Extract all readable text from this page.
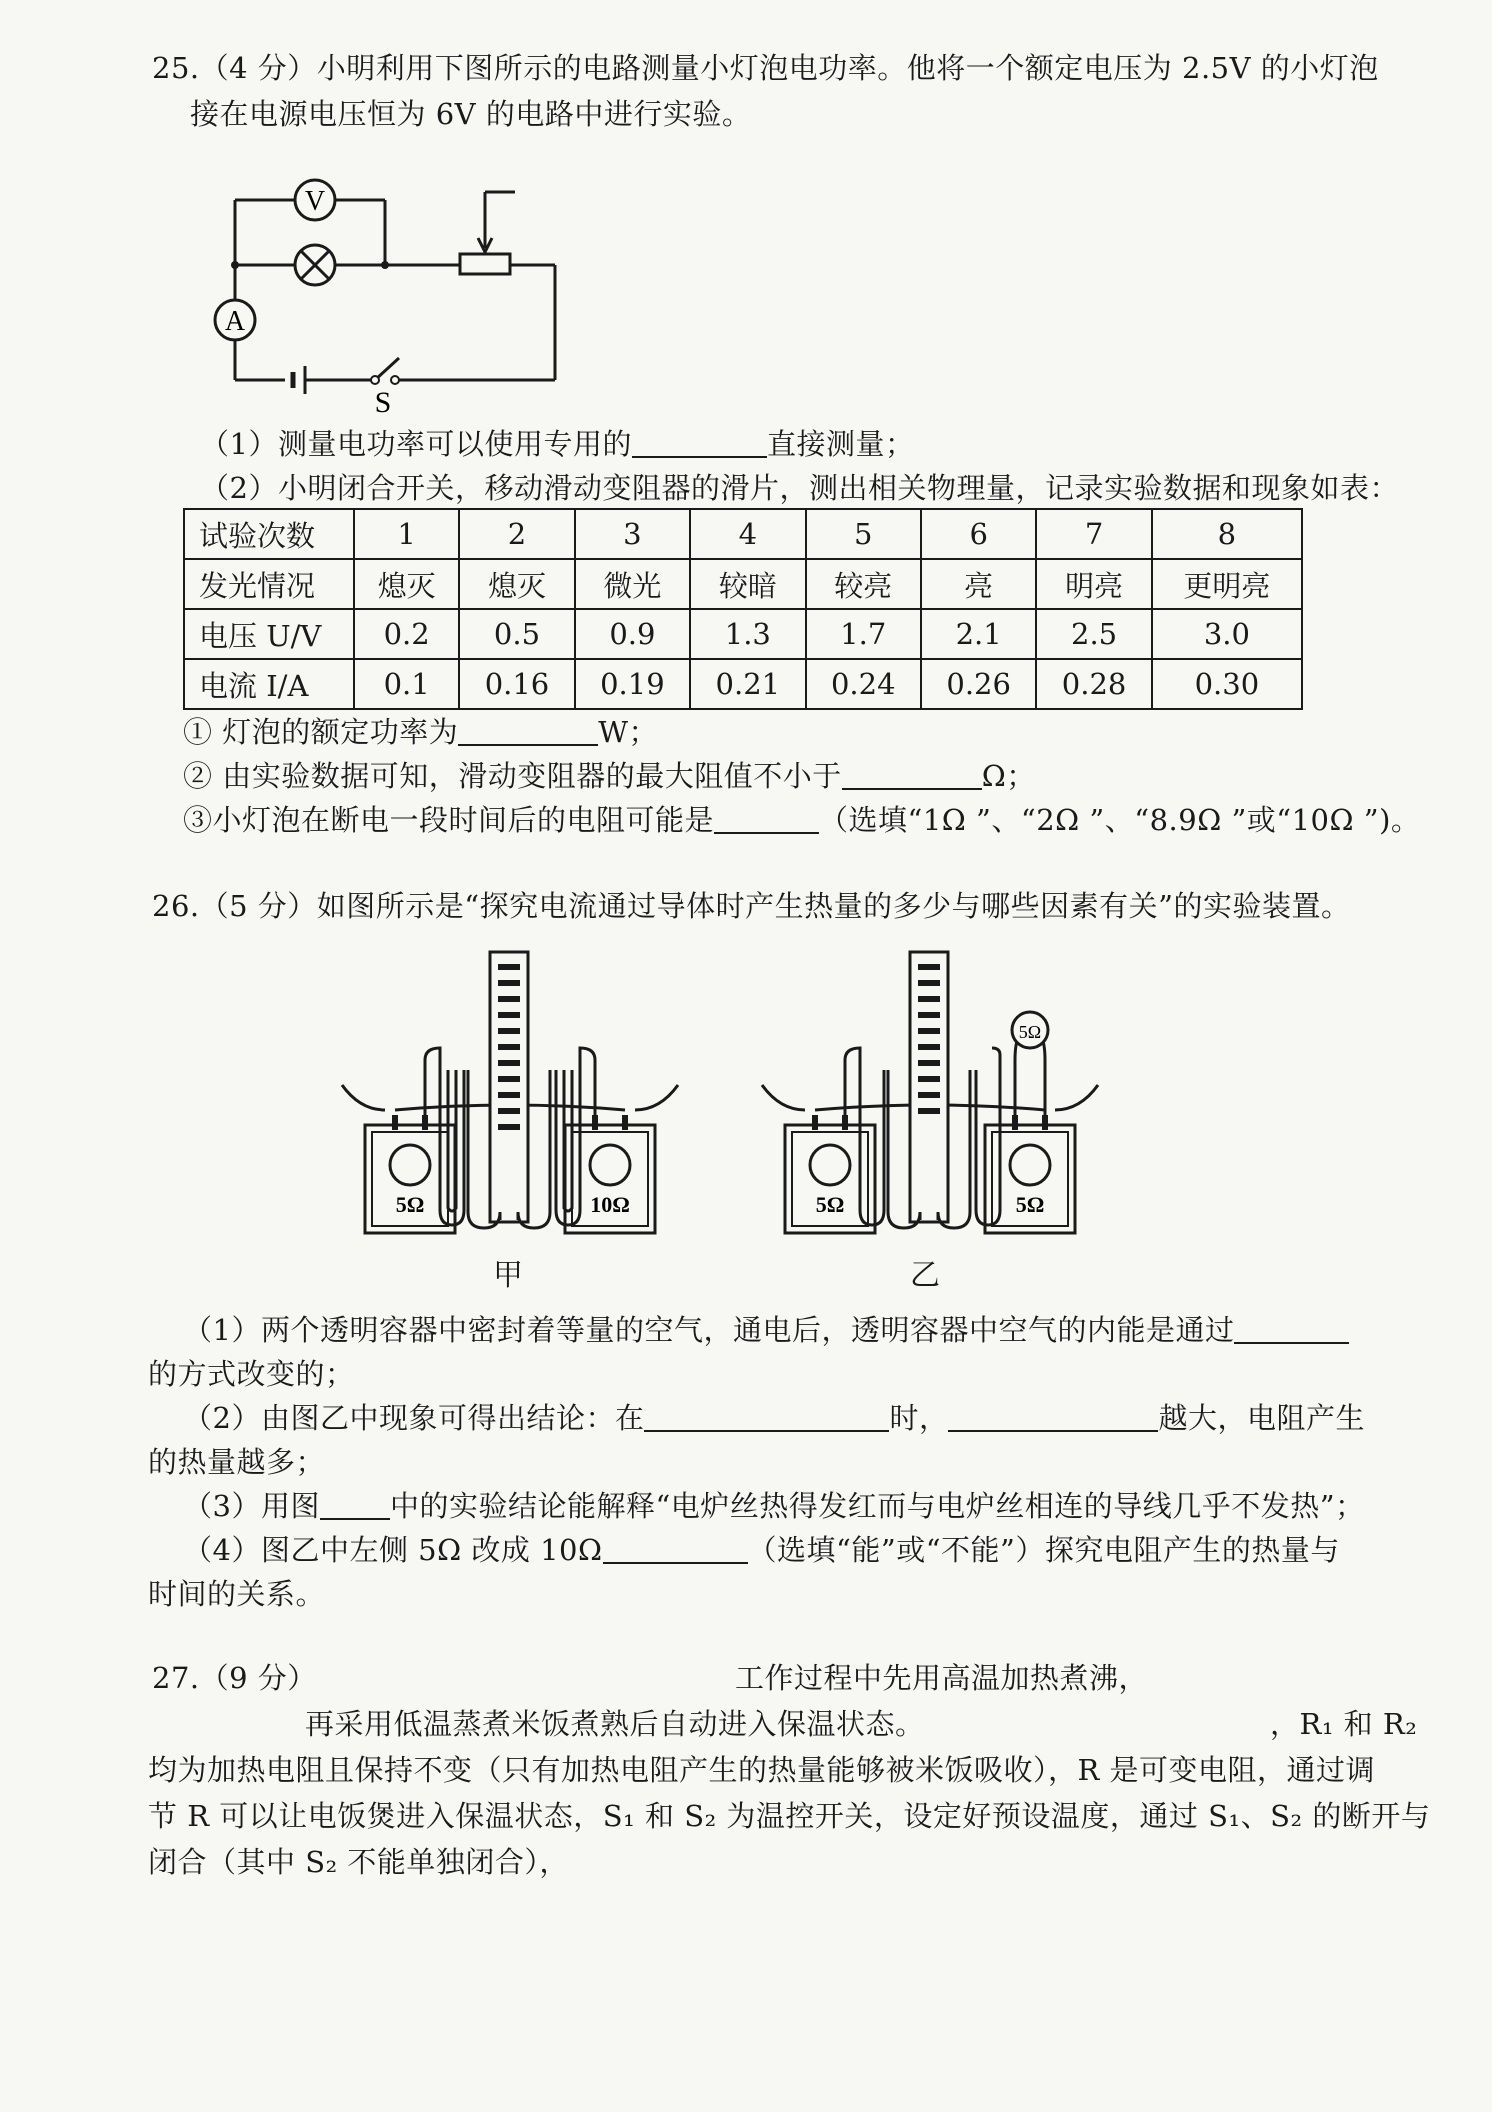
25.（4 分）小明利用下图所示的电路测量小灯泡电功率。他将一个额定电压为 2.5V 的小灯泡
接在电源电压恒为 6V 的电路中进行实验。
V
A
S
（1）测量电功率可以使用专用的	直接测量；
（2）小明闭合开关，移动滑动变阻器的滑片，测出相关物理量，记录实验数据和现象如表：
试验次数	1	2	3	4	5	6	7	8
发光情况	熄灭	熄灭	微光	较暗	较亮	亮	明亮	更明亮
电压 U/V	0.2	0.5	0.9	1.3	1.7	2.1	2.5	3.0
电流 I/A	0.1	0.16	0.19	0.21	0.24	0.26	0.28	0.30
① 灯泡的额定功率为	W；
② 由实验数据可知，滑动变阻器的最大阻值不小于	Ω；
③小灯泡在断电一段时间后的电阻可能是	（选填“1Ω ”、“2Ω ”、“8.9Ω ”或“10Ω ”)。
26.（5 分）如图所示是“探究电流通过导体时产生热量的多少与哪些因素有关”的实验装置。
5Ω	10Ω
甲
5Ω
5Ω	5Ω
乙
（1）两个透明容器中密封着等量的空气，通电后，透明容器中空气的内能是通过
的方式改变的；
（2）由图乙中现象可得出结论：在	时，	越大，电阻产生
的热量越多；
（3）用图 中的实验结论能解释“电炉丝热得发红而与电炉丝相连的导线几乎不发热”；
（4）图乙中左侧 5Ω 改成 10Ω	（选填“能”或“不能”）探究电阻产生的热量与
时间的关系。
27.（9 分）	工作过程中先用高温加热煮沸，
再采用低温蒸煮米饭煮熟后自动进入保温状态。	，R₁ 和 R₂
均为加热电阻且保持不变（只有加热电阻产生的热量能够被米饭吸收），R 是可变电阻，通过调
节 R 可以让电饭煲进入保温状态，S₁ 和 S₂ 为温控开关，设定好预设温度，通过 S₁、S₂ 的断开与
闭合（其中 S₂ 不能单独闭合），
